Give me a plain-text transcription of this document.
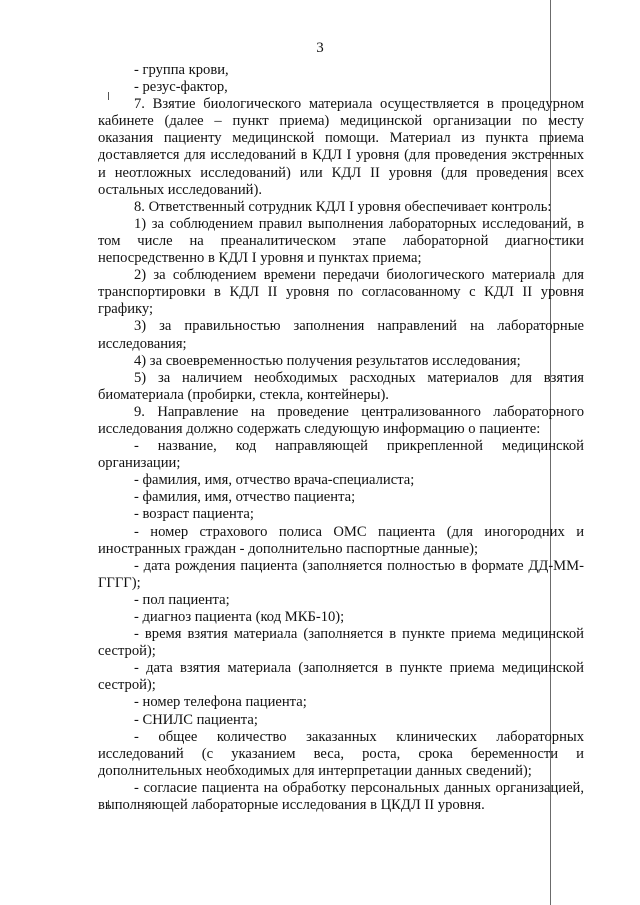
3

- группа крови,

- резус-фактор,

7. Взятие биологического материала осуществляется в процедурном кабинете (далее – пункт приема) медицинской организации по месту оказания пациенту медицинской помощи. Материал из пункта приема доставляется для исследований в КДЛ I уровня (для проведения экстренных и неотложных исследований) или КДЛ II уровня (для проведения всех остальных исследований).

8. Ответственный сотрудник КДЛ I уровня обеспечивает контроль:

1) за соблюдением правил выполнения лабораторных исследований, в том числе на преаналитическом этапе лабораторной диагностики непосредственно в КДЛ I уровня и пунктах приема;

2) за соблюдением времени передачи биологического материала для транспортировки в КДЛ II уровня по согласованному с КДЛ II уровня графику;

3) за правильностью заполнения направлений на лабораторные исследования;

4) за своевременностью получения результатов исследования;

5) за наличием необходимых расходных материалов для взятия биоматериала (пробирки, стекла, контейнеры).

9. Направление на проведение централизованного лабораторного исследования должно содержать следующую информацию о пациенте:

- название, код направляющей прикрепленной медицинской организации;

- фамилия, имя, отчество врача-специалиста;

- фамилия, имя, отчество пациента;

- возраст пациента;

- номер страхового полиса ОМС пациента (для иногородних и иностранных граждан - дополнительно паспортные данные);

- дата рождения пациента (заполняется полностью в формате ДД-ММ-ГГГГ);

- пол пациента;

- диагноз пациента (код МКБ-10);

- время взятия материала (заполняется в пункте приема медицинской сестрой);

- дата взятия материала (заполняется в пункте приема медицинской сестрой);

- номер телефона пациента;

- СНИЛС пациента;

- общее количество заказанных клинических лабораторных исследований (с указанием веса, роста, срока беременности и дополнительных необходимых для интерпретации данных сведений);

- согласие пациента на обработку персональных данных организацией, выполняющей лабораторные исследования в ЦКДЛ II уровня.
